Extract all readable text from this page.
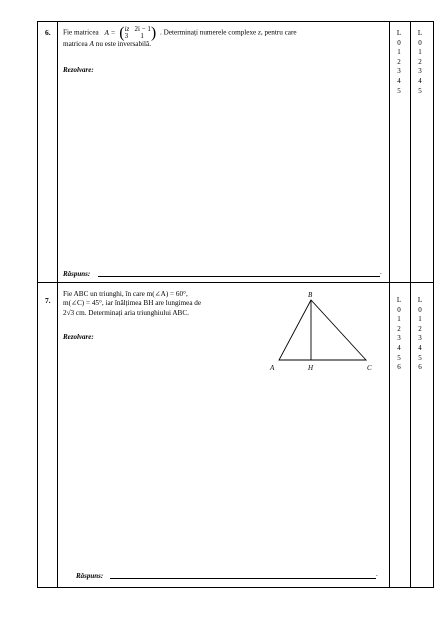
6. Fie matricea A = ( iz 2i − 1
3 1 ) . Determinați numerele complexe z, pentru care
matricea A nu este inversabilă.
Rezolvare:
Răspuns:	.
L
0
1
2
3
4
5
L
0
1
2
3
4
5
7.
Fie ABC un triunghi, în care m(∠A) = 60°,
m(∠C) = 45°, iar înălțimea BH are lungimea de
2√3 cm. Determinați aria triunghiului ABC.
Rezolvare:
B
A	H	C
Răspuns:	.
L
0
1
2
3
4
5
6
L
0
1
2
3
4
5
6
